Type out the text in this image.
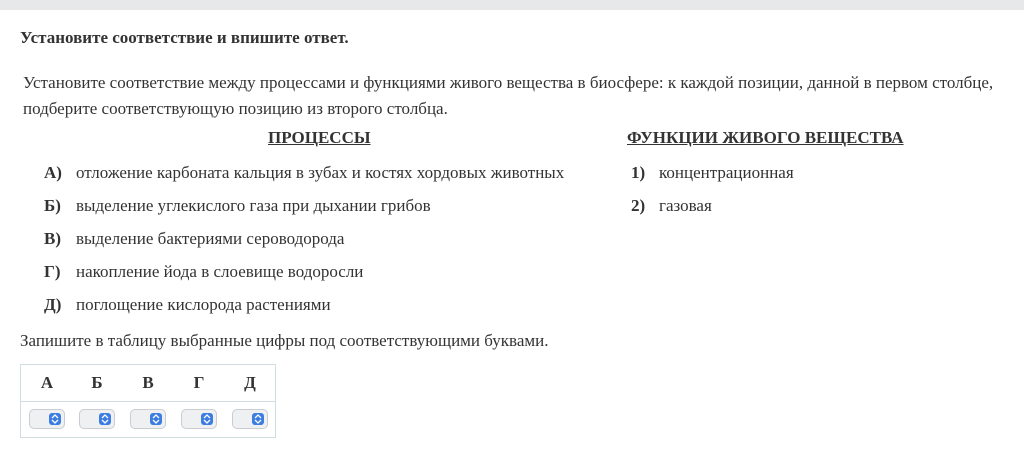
Установите соответствие и впишите ответ.
Установите соответствие между процессами и функциями живого вещества в биосфере: к каждой позиции, данной в первом столбце, подберите соответствующую позицию из второго столбца.
ПРОЦЕССЫ	ФУНКЦИИ ЖИВОГО ВЕЩЕСТВА
А) отложение карбоната кальция в зубах и костях хордовых животных
Б) выделение углекислого газа при дыхании грибов
В) выделение бактериями сероводорода
Г) накопление йода в слоевище водоросли
Д) поглощение кислорода растениями
1) концентрационная
2) газовая
Запишите в таблицу выбранные цифры под соответствующими буквами.
А	Б	В	Г	Д
